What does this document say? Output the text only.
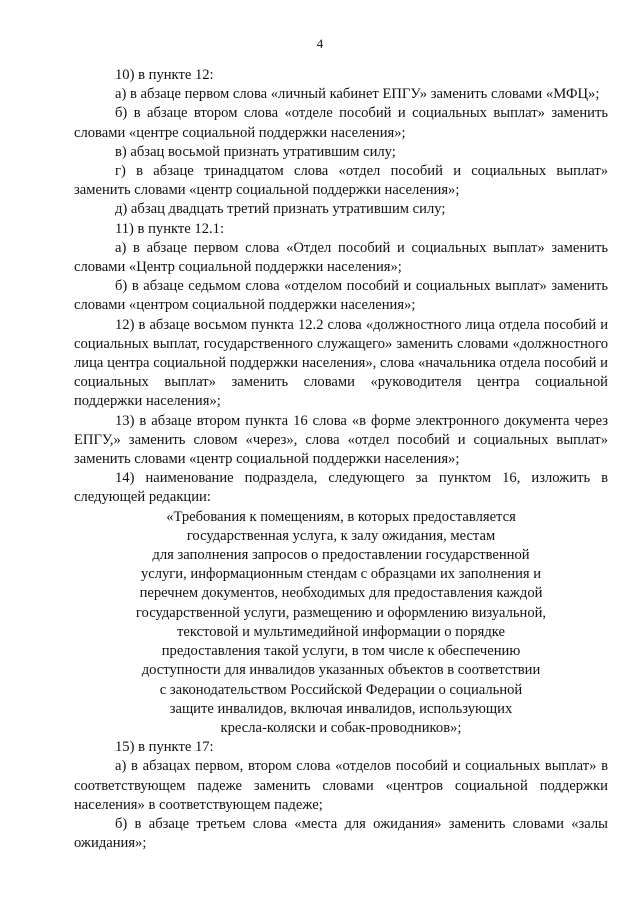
4

10) в пункте 12:

а) в абзаце первом слова «личный кабинет ЕПГУ» заменить словами «МФЦ»;

б) в абзаце втором слова «отделе пособий и социальных выплат» заменить словами «центре социальной поддержки населения»;

в) абзац восьмой признать утратившим силу;

г) в абзаце тринадцатом слова «отдел пособий и социальных выплат» заменить словами «центр социальной поддержки населения»;

д) абзац двадцать третий признать утратившим силу;

11) в пункте 12.1:

а) в абзаце первом слова «Отдел пособий и социальных выплат» заменить словами «Центр социальной поддержки населения»;

б) в абзаце седьмом слова «отделом пособий и социальных выплат» заменить словами «центром социальной поддержки населения»;

12) в абзаце восьмом пункта 12.2 слова «должностного лица отдела пособий и социальных выплат, государственного служащего» заменить словами «должностного лица центра социальной поддержки населения», слова «начальника отдела пособий и социальных выплат» заменить словами «руководителя центра социальной поддержки населения»;

13) в абзаце втором пункта 16 слова «в форме электронного документа через ЕПГУ,» заменить словом «через», слова «отдел пособий и социальных выплат» заменить словами «центр социальной поддержки населения»;

14) наименование подраздела, следующего за пунктом 16, изложить в следующей редакции:

«Требования к помещениям, в которых предоставляется
государственная услуга, к залу ожидания, местам
для заполнения запросов о предоставлении государственной
услуги, информационным стендам с образцами их заполнения и
перечнем документов, необходимых для предоставления каждой
государственной услуги, размещению и оформлению визуальной,
текстовой и мультимедийной информации о порядке
предоставления такой услуги, в том числе к обеспечению
доступности для инвалидов указанных объектов в соответствии
с законодательством Российской Федерации о социальной
защите инвалидов, включая инвалидов, использующих
кресла-коляски и собак-проводников»;

15) в пункте 17:

а) в абзацах первом, втором слова «отделов пособий и социальных выплат» в соответствующем падеже заменить словами «центров социальной поддержки населения» в соответствующем падеже;

б) в абзаце третьем слова «места для ожидания» заменить словами «залы ожидания»;
